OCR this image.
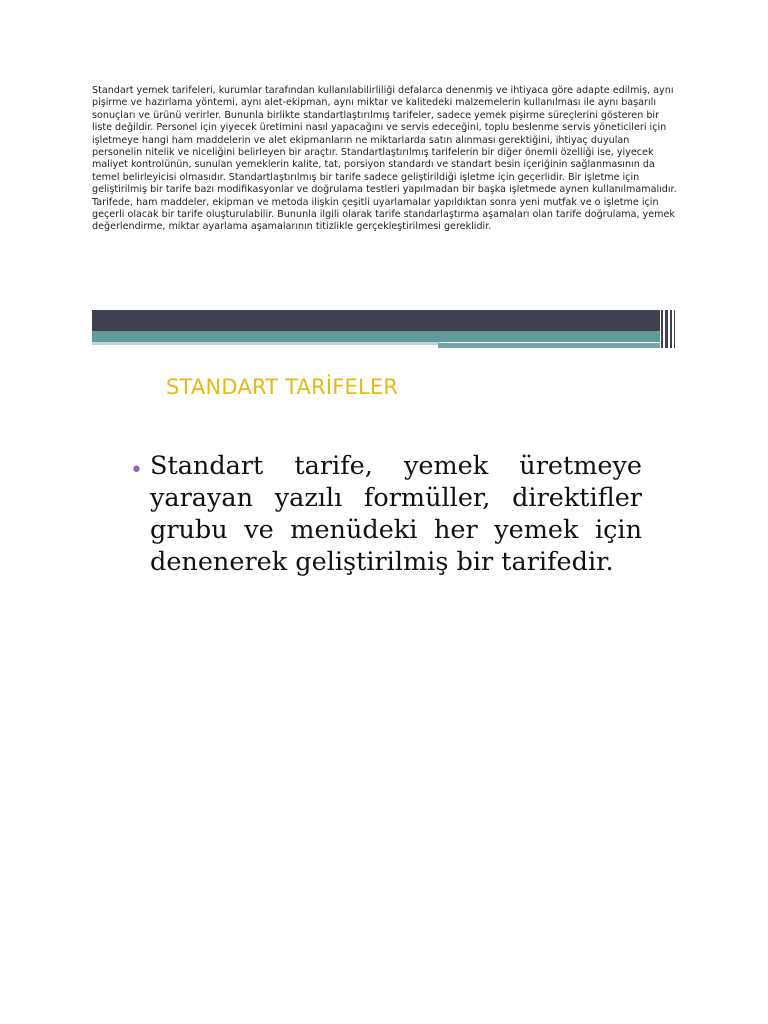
Standart yemek tarifeleri, kurumlar tarafından kullanılabilirliliği defalarca denenmiş ve ihtiyaca göre adapte edilmiş, aynı pişirme ve hazırlama yöntemi, aynı alet-ekipman, aynı miktar ve kalitedeki malzemelerin kullanılması ile aynı başarılı sonuçları ve ürünü verirler. Bununla birlikte standartlaştırılmış tarifeler, sadece yemek pişirme süreçlerini gösteren bir liste değildir. Personel için yiyecek üretimini nasıl yapacağını ve servis edeceğini, toplu beslenme servis yöneticileri için işletmeye hangi ham maddelerin ve alet ekipmanların ne miktarlarda satın alınması gerektiğini, ihtiyaç duyulan personelin nitelik ve niceliğini belirleyen bir araçtır. Standartlaştırılmış tarifelerin bir diğer önemli özelliği ise, yiyecek maliyet kontrolünün, sunulan yemeklerin kalite, tat, porsiyon standardı ve standart besin içeriğinin sağlanmasının da temel belirleyicisi olmasıdır. Standartlaştırılmış bir tarife sadece geliştirildiği işletme için geçerlidir. Bir işletme için geliştirilmiş bir tarife bazı modifikasyonlar ve doğrulama testleri yapılmadan bir başka işletmede aynen kullanılmamalıdır. Tarifede, ham maddeler, ekipman ve metoda ilişkin çeşitli uyarlamalar yapıldıktan sonra yeni mutfak ve o işletme için geçerli olacak bir tarife oluşturulabilir. Bununla ilgili olarak tarife standarlaştırma aşamaları olan tarife doğrulama, yemek değerlendirme, miktar ayarlama aşamalarının titizlikle gerçekleştirilmesi gereklidir.

STANDART TARİFELER
• Standart tarife, yemek üretmeye yarayan yazılı formüller, direktifler grubu ve menüdeki her yemek için denenerek geliştirilmiş bir tarifedir.
